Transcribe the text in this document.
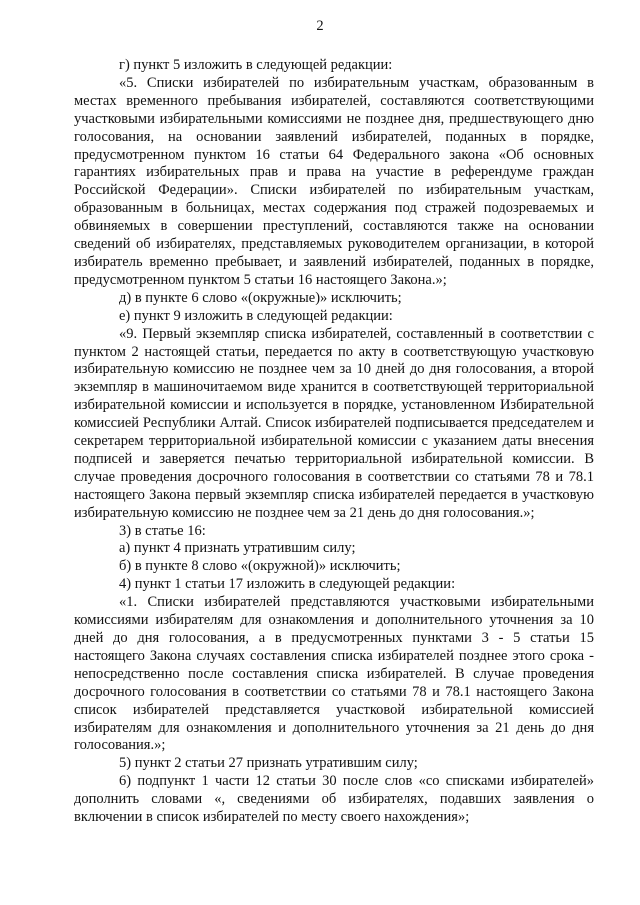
2

г) пункт 5 изложить в следующей редакции:

«5. Списки избирателей по избирательным участкам, образованным в местах временного пребывания избирателей, составляются соответствующими участковыми избирательными комиссиями не позднее дня, предшествующего дню голосования, на основании заявлений избирателей, поданных в порядке, предусмотренном пунктом 16 статьи 64 Федерального закона «Об основных гарантиях избирательных прав и права на участие в референдуме граждан Российской Федерации». Списки избирателей по избирательным участкам, образованным в больницах, местах содержания под стражей подозреваемых и обвиняемых в совершении преступлений, составляются также на основании сведений об избирателях, представляемых руководителем организации, в которой избиратель временно пребывает, и заявлений избирателей, поданных в порядке, предусмотренном пунктом 5 статьи 16 настоящего Закона.»;

д) в пункте 6 слово «(окружные)» исключить;

е) пункт 9 изложить в следующей редакции:

«9. Первый экземпляр списка избирателей, составленный в соответствии с пунктом 2 настоящей статьи, передается по акту в соответствующую участковую избирательную комиссию не позднее чем за 10 дней до дня голосования, а второй экземпляр в машиночитаемом виде хранится в соответствующей территориальной избирательной комиссии и используется в порядке, установленном Избирательной комиссией Республики Алтай. Список избирателей подписывается председателем и секретарем территориальной избирательной комиссии с указанием даты внесения подписей и заверяется печатью территориальной избирательной комиссии. В случае проведения досрочного голосования в соответствии со статьями 78 и 78.1 настоящего Закона первый экземпляр списка избирателей передается в участковую избирательную комиссию не позднее чем за 21 день до дня голосования.»;

3) в статье 16:

а) пункт 4 признать утратившим силу;

б) в пункте 8 слово «(окружной)» исключить;

4) пункт 1 статьи 17 изложить в следующей редакции:

«1. Списки избирателей представляются участковыми избирательными комиссиями избирателям для ознакомления и дополнительного уточнения за 10 дней до дня голосования, а в предусмотренных пунктами 3 - 5 статьи 15 настоящего Закона случаях составления списка избирателей позднее этого срока - непосредственно после составления списка избирателей. В случае проведения досрочного голосования в соответствии со статьями 78 и 78.1 настоящего Закона список избирателей представляется участковой избирательной комиссией избирателям для ознакомления и дополнительного уточнения за 21 день до дня голосования.»;

5) пункт 2 статьи 27 признать утратившим силу;

6) подпункт 1 части 12 статьи 30 после слов «со списками избирателей» дополнить словами «, сведениями об избирателях, подавших заявления о включении в список избирателей по месту своего нахождения»;
